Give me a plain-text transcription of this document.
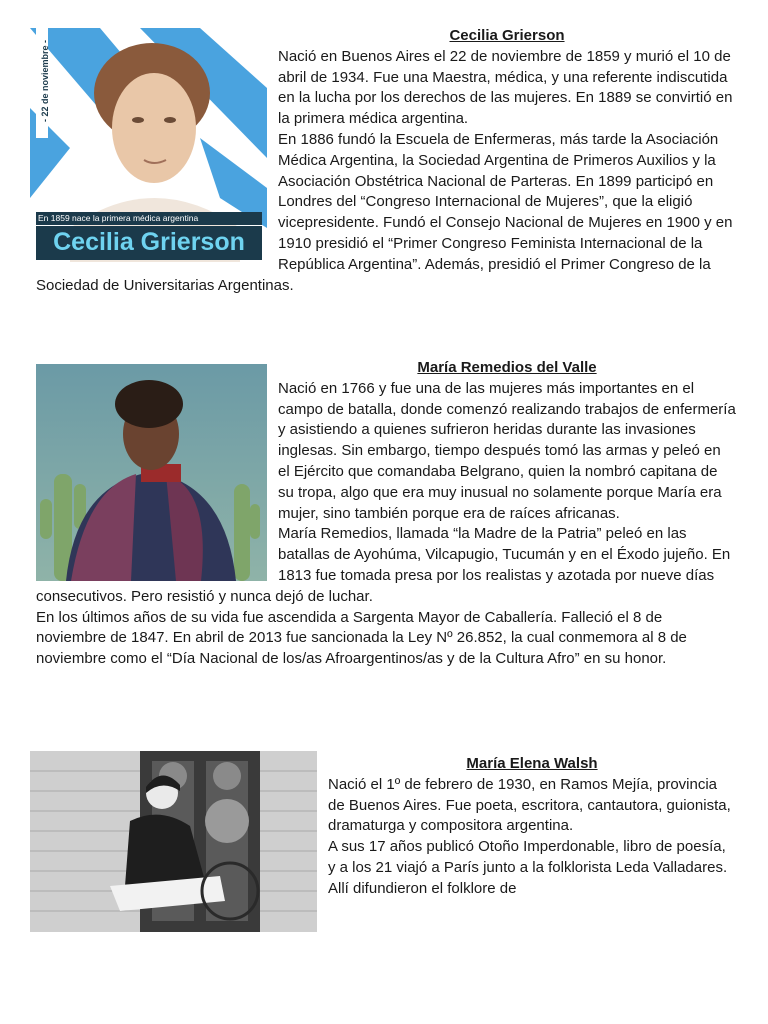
- 22 de noviembre -
En 1859 nace la primera médica argentina
Cecilia Grierson
Cecilia Grierson

Nació en Buenos Aires el 22 de noviembre de 1859 y murió el 10 de abril de 1934. Fue una Maestra, médica, y una referente indiscutida en la lucha por los derechos de las mujeres. En 1889 se convirtió en la primera médica argentina.

En 1886 fundó la Escuela de Enfermeras, más tarde la Asociación Médica Argentina, la Sociedad Argentina de Primeros Auxilios y la Asociación Obstétrica Nacional de Parteras. En 1899 participó en Londres del “Congreso Internacional de Mujeres”, que la eligió vicepresidente. Fundó el Consejo Nacional de Mujeres en 1900 y en 1910 presidió el “Primer Congreso Feminista Internacional de la República Argentina”. Además, presidió el Primer Congreso de la Sociedad de Universitarias Argentinas.

María Remedios del Valle

Nació en 1766 y fue una de las mujeres más importantes en el campo de batalla, donde comenzó realizando trabajos de enfermería y asistiendo a quienes sufrieron heridas durante las invasiones inglesas. Sin embargo, tiempo después tomó las armas y peleó en el Ejército que comandaba Belgrano, quien la nombró capitana de su tropa, algo que era muy inusual no solamente porque María era mujer, sino también porque era de raíces africanas.

María Remedios, llamada “la Madre de la Patria” peleó en las batallas de Ayohúma, Vilcapugio, Tucumán y en el Éxodo jujeño. En 1813 fue tomada presa por los realistas y azotada por nueve días consecutivos. Pero resistió y nunca dejó de luchar.

En los últimos años de su vida fue ascendida a Sargenta Mayor de Caballería. Falleció el 8 de noviembre de 1847. En abril de 2013 fue sancionada la Ley Nº 26.852, la cual conmemora al 8 de noviembre como el “Día Nacional de los/as Afroargentinos/as y de la Cultura Afro” en su honor.

María Elena Walsh

Nació el 1º de febrero de 1930, en Ramos Mejía, provincia de Buenos Aires. Fue poeta, escritora, cantautora, guionista, dramaturga y compositora argentina.

A sus 17 años publicó Otoño Imperdonable, libro de poesía, y a los 21 viajó a París junto a la folklorista Leda Valladares. Allí difundieron el folklore de
